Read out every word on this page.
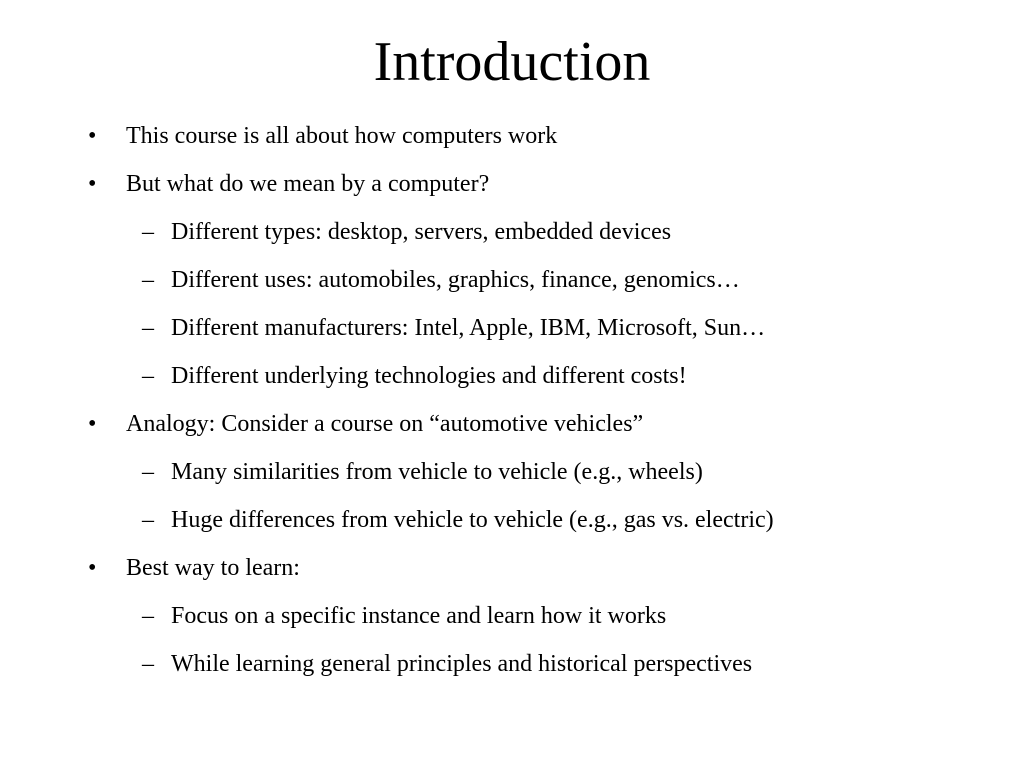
Introduction
• This course is all about how computers work
• But what do we mean by a computer?
– Different types: desktop, servers, embedded devices
– Different uses: automobiles, graphics, finance, genomics…
– Different manufacturers: Intel, Apple, IBM, Microsoft, Sun…
– Different underlying technologies and different costs!
• Analogy: Consider a course on “automotive vehicles”
– Many similarities from vehicle to vehicle (e.g., wheels)
– Huge differences from vehicle to vehicle (e.g., gas vs. electric)
• Best way to learn:
– Focus on a specific instance and learn how it works
– While learning general principles and historical perspectives
